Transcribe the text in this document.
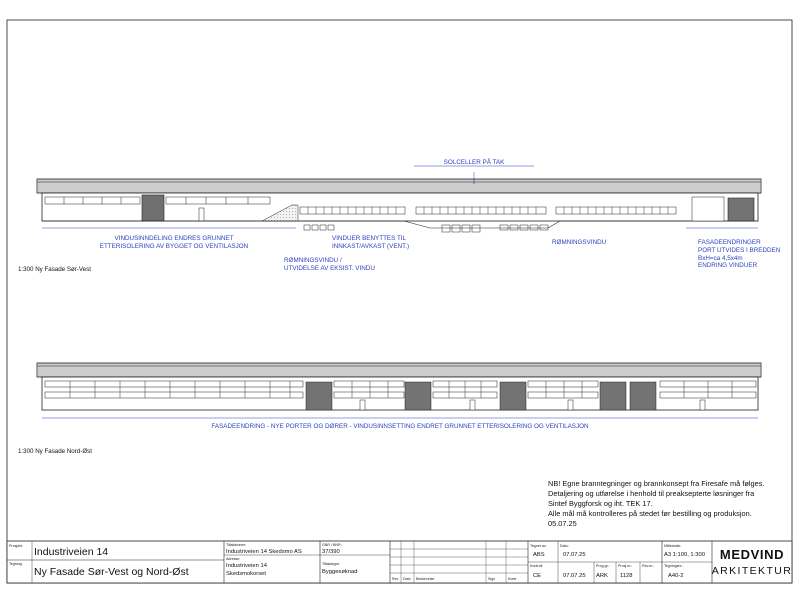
SOLCELLER PÅ TAK
VINDUSINNDELING ENDRES GRUNNET
ETTERISOLERING AV BYGGET OG VENTILASJON
VINDUER BENYTTES TIL
INNKAST/AVKAST (VENT.)
RØMNINGSVINDU /
UTVIDELSE AV EKSIST. VINDU
RØMNINGSVINDU	FASADEENDRINGER
PORT UTVIDES I BREDDEN
BxH=ca 4,5x4m
ENDRING VINDUER
1:300 Ny Fasade Sør-Vest
FASADEENDRING - NYE PORTER OG DØRER - VINDUSINNSETTING ENDRET GRUNNET ETTERISOLERING OG VENTILASJON
1:300 Ny Fasade Nord-Øst
NB! Egne branntegninger og brannkonsept fra Firesafe må følges.
Detaljering og utførelse i henhold til preaksepterte løsninger fra
Sintef Byggforsk og iht. TEK 17.
Alle mål må kontrolleres på stedet før bestilling og produksjon.
05.07.25
Rev Dato Beskrivelse	Sign	Kontr
Prosjekt: Industriveien 14
Tegning:
Ny Fasade Sør-Vest og Nord-Øst
Tiltakshaver:
Industriveien 14 Skedsmo AS
Adresse:
Industriveien 14
Skedsmokorset
GNR / BNR:
37/390
Tiltakstype:
Byggesøknad
Tegnet av:
ABS
Dato:
07.07.25
Kontroll:
CE	07.07.25
Prog.gr.:
ARK
Prosj.nr.:
1128
Rev.nr.:
Målestokk:
A3 1:100, 1:300
Tegningsnr.:
A40-2
MEDVIND
ARKITEKTUR
